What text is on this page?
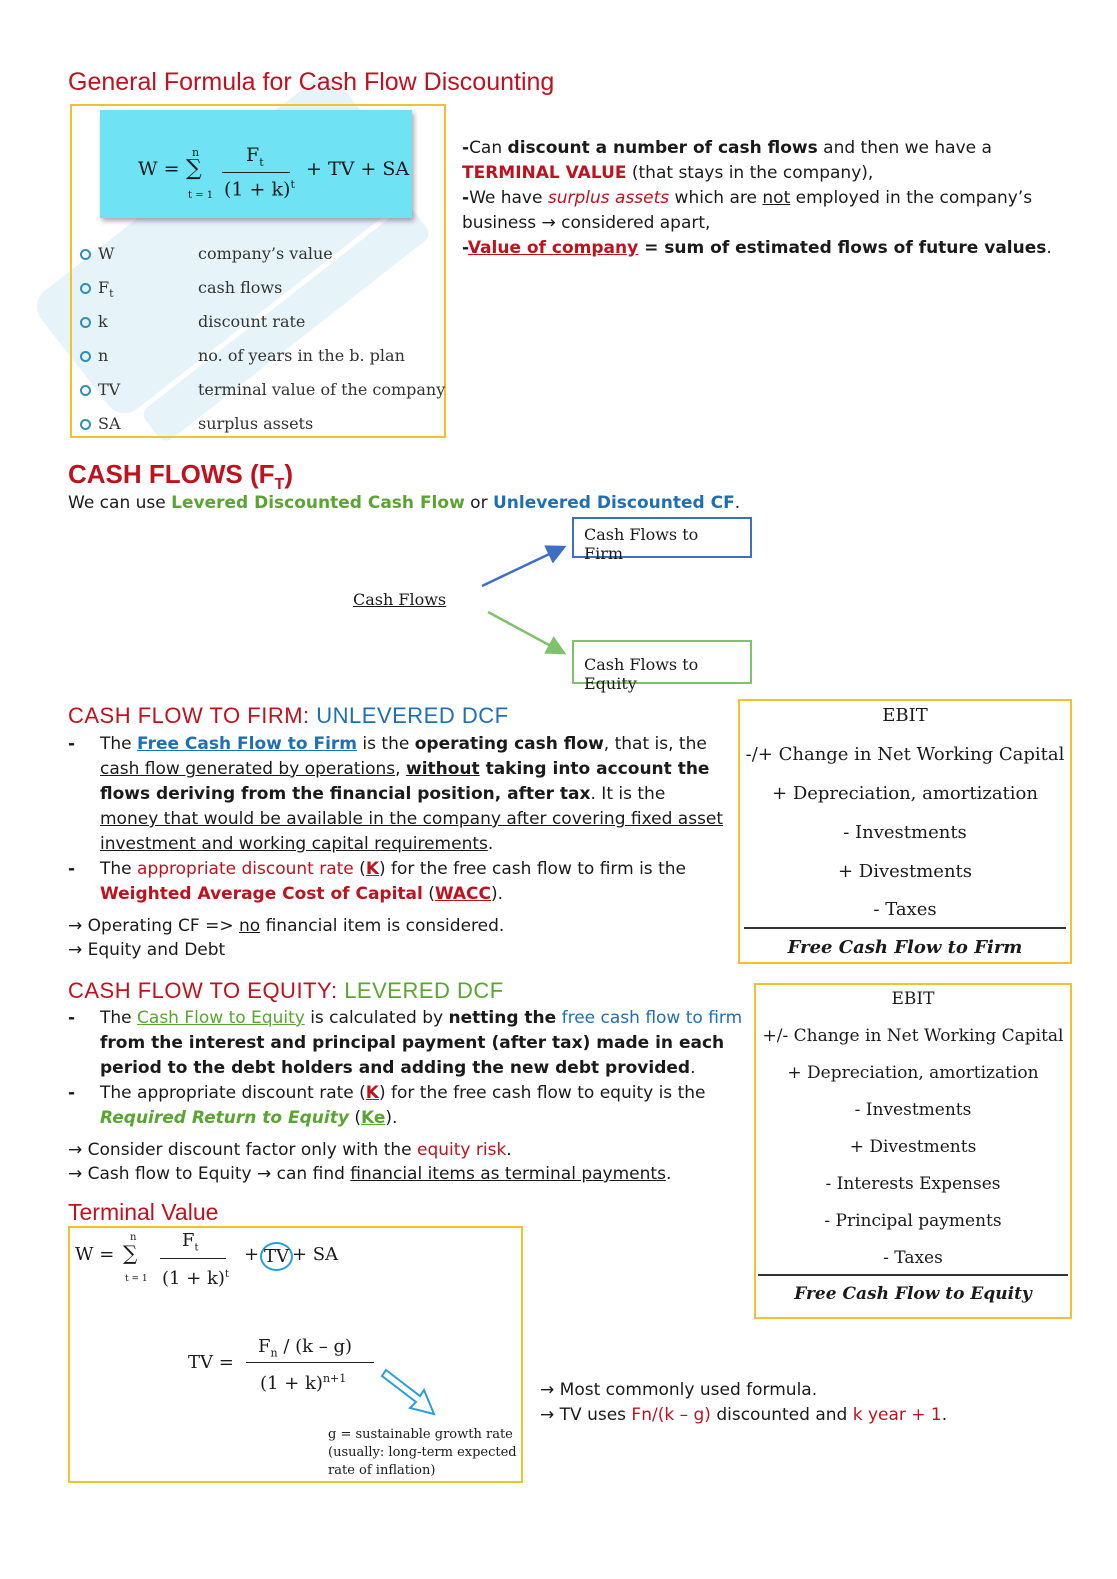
General Formula for Cash Flow Discounting
W =
n
∑
t = 1
$F_t$
$(1 + k)^t$
+ TV + SA
W	company’s value
$F_t$	cash flows
k	discount rate
n	no. of years in the b. plan
TV	terminal value of the company
SA	surplus assets
-Can discount a number of cash flows and then we have a TERMINAL VALUE (that stays in the company),
-We have surplus assets which are not employed in the company’s business → considered apart,
-Value of company = sum of estimated flows of future values.
CASH FLOWS $(F_T)$
We can use Levered Discounted Cash Flow or Unlevered Discounted CF.
Cash Flows
Cash Flows to Firm
Cash Flows to Equity
CASH FLOW TO FIRM: UNLEVERED DCF
- The Free Cash Flow to Firm is the operating cash flow, that is, the cash flow generated by operations, without taking into account the flows deriving from the financial position, after tax. It is the money that would be available in the company after covering fixed asset investment and working capital requirements.
- The appropriate discount rate (K) for the free cash flow to firm is the Weighted Average Cost of Capital (WACC).
→ Operating CF => no financial item is considered.
→ Equity and Debt
EBIT
-/+ Change in Net Working Capital
+ Depreciation, amortization
- Investments
+ Divestments
- Taxes
Free Cash Flow to Firm
CASH FLOW TO EQUITY: LEVERED DCF
- The Cash Flow to Equity is calculated by netting the free cash flow to firm from the interest and principal payment (after tax) made in each period to the debt holders and adding the new debt provided.
- The appropriate discount rate (K) for the free cash flow to equity is the Required Return to Equity (Ke).
→ Consider discount factor only with the equity risk.
→ Cash flow to Equity → can find financial items as terminal payments.
EBIT
+/- Change in Net Working Capital
+ Depreciation, amortization
- Investments
+ Divestments
- Interests Expenses
- Principal payments
- Taxes
Free Cash Flow to Equity
Terminal Value
W =
n
∑
t = 1
$F_t$
$(1 + k)^t$
+ TV + SA
TV =
$F_n / (k - g)$
$(1 + k)^{n+1}$
g = sustainable growth rate (usually: long-term expected rate of inflation)
→ Most commonly used formula.
→ TV uses Fn/(k – g) discounted and k year + 1.
